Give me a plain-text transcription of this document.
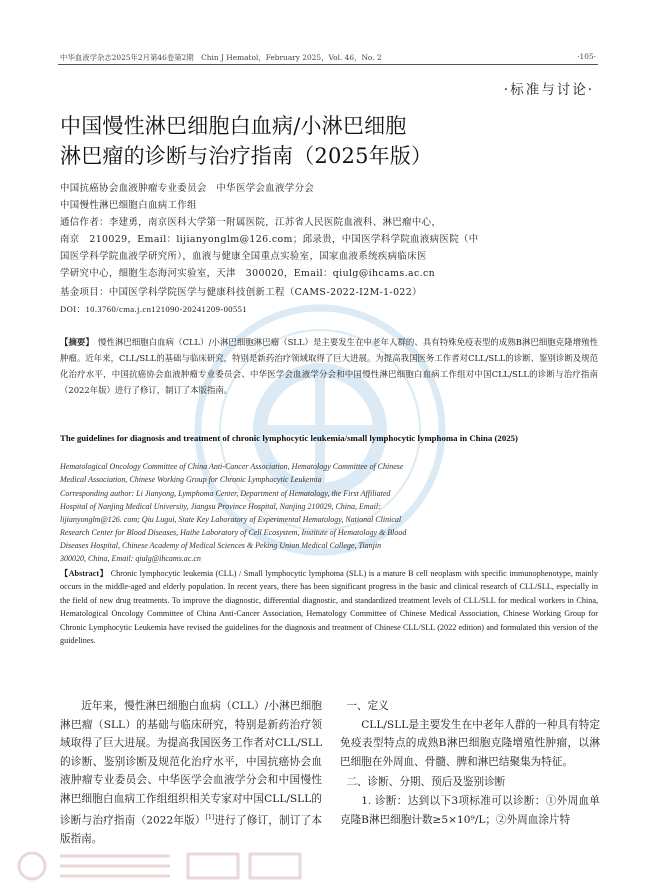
中华血液学杂志2025年2月第46卷第2期　Chin J Hematol，February 2025，Vol. 46，No. 2	·105·
·标准与讨论·
中国慢性淋巴细胞白血病/小淋巴细胞
淋巴瘤的诊断与治疗指南（2025年版）
中国抗癌协会血液肿瘤专业委员会　中华医学会血液学分会
中国慢性淋巴细胞白血病工作组
通信作者：李建勇，南京医科大学第一附属医院，江苏省人民医院血液科、淋巴瘤中心，
南京　210029，Email：lijianyonglm@126.com；邱录贵，中国医学科学院血液病医院（中
国医学科学院血液学研究所），血液与健康全国重点实验室，国家血液系统疾病临床医
学研究中心，细胞生态海河实验室，天津　300020，Email：qiulg@ihcams.ac.cn
基金项目：中国医学科学院医学与健康科技创新工程（CAMS-2022-I2M-1-022）
DOI：10.3760/cma.j.cn121090-20241209-00551
【摘要】　慢性淋巴细胞白血病（CLL）/小淋巴细胞淋巴瘤（SLL）是主要发生在中老年人群的、具有特殊免疫表型的成熟B淋巴细胞克隆增殖性肿瘤。近年来，CLL/SLL的基础与临床研究，特别是新药治疗领域取得了巨大进展。为提高我国医务工作者对CLL/SLL的诊断、鉴别诊断及规范化治疗水平，中国抗癌协会血液肿瘤专业委员会、中华医学会血液学分会和中国慢性淋巴细胞白血病工作组对中国CLL/SLL的诊断与治疗指南（2022年版）进行了修订，制订了本版指南。
The guidelines for diagnosis and treatment of chronic lymphocytic leukemia/small lymphocytic lymphoma in China (2025)
Hematological Oncology Committee of China Anti-Cancer Association, Hematology Committee of Chinese
Medical Association, Chinese Working Group for Chronic Lymphocytic Leukemia
Corresponding author: Li Jianyong, Lymphoma Center, Department of Hematology, the First Affiliated
Hospital of Nanjing Medical University, Jiangsu Province Hospital, Nanjing 210029, China, Email:
lijianyonglm@126. com; Qiu Lugui, State Key Laboratory of Experimental Hematology, National Clinical
Research Center for Blood Diseases, Haihe Laboratory of Cell Ecosystem, Institute of Hematology & Blood
Diseases Hospital, Chinese Academy of Medical Sciences & Peking Union Medical College, Tianjin
300020, China, Email: qiulg@ihcams.ac.cn
【Abstract】 Chronic lymphocytic leukemia (CLL) / Small lymphocytic lymphoma (SLL) is a mature B cell neoplasm with specific immunophenotype, mainly occurs in the middle-aged and elderly population. In recent years, there has been significant progress in the basic and clinical research of CLL/SLL, especially in the field of new drug treatments. To improve the diagnostic, differential diagnostic, and standardized treatment levels of CLL/SLL for medical workers in China, Hematological Oncology Committee of China Anti-Cancer Association, Hematology Committee of Chinese Medical Association, Chinese Working Group for Chronic Lymphocytic Leukemia have revised the guidelines for the diagnosis and treatment of Chinese CLL/SLL (2022 edition) and formulated this version of the guidelines.

近年来，慢性淋巴细胞白血病（CLL）/小淋巴细胞淋巴瘤（SLL）的基础与临床研究，特别是新药治疗领域取得了巨大进展。为提高我国医务工作者对CLL/SLL的诊断、鉴别诊断及规范化治疗水平，中国抗癌协会血液肿瘤专业委员会、中华医学会血液学分会和中国慢性淋巴细胞白血病工作组组织相关专家对中国CLL/SLL的诊断与治疗指南（2022年版）[1]进行了修订，制订了本版指南。

一、定义

CLL/SLL是主要发生在中老年人群的一种具有特定免疫表型特点的成熟B淋巴细胞克隆增殖性肿瘤，以淋巴细胞在外周血、骨髓、脾和淋巴结聚集为特征。

二、诊断、分期、预后及鉴别诊断

1. 诊断：达到以下3项标准可以诊断：①外周血单克隆B淋巴细胞计数≥5×10⁹/L；②外周血涂片特
